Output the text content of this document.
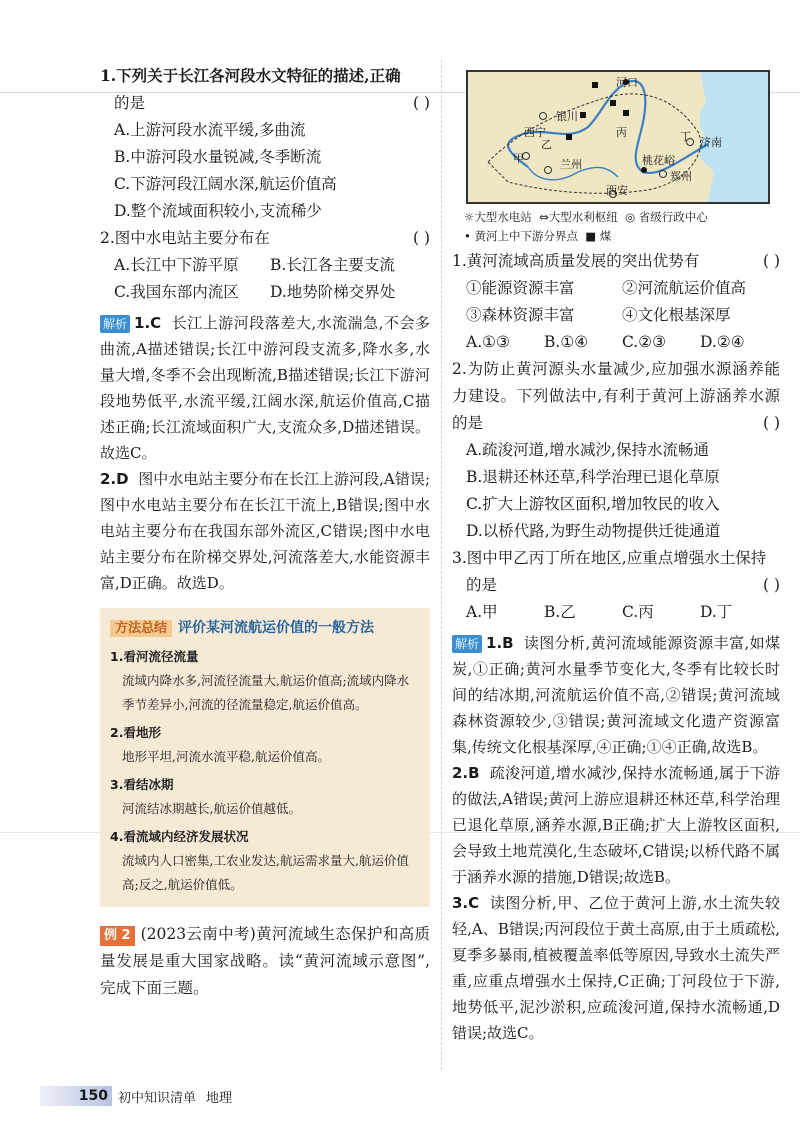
1.下列关于长江各河段水文特征的描述,正确

的是	( )

A.上游河段水流平缓,多曲流

B.中游河段水量锐减,冬季断流

C.下游河段江阔水深,航运价值高

D.整个流域面积较小,支流稀少

2.图中水电站主要分布在	( )

A.长江中下游平原	B.长江各主要支流
C.我国东部内流区	D.地势阶梯交界处

解析 1.C 长江上游河段落差大,水流湍急,不会多曲流,A描述错误;长江中游河段支流多,降水多,水量大增,冬季不会出现断流,B描述错误;长江下游河段地势低平,水流平缓,江阔水深,航运价值高,C描述正确;长江流域面积广大,支流众多,D描述错误。故选C。

2.D 图中水电站主要分布在长江上游河段,A错误;图中水电站主要分布在长江干流上,B错误;图中水电站主要分布在我国东部外流区,C错误;图中水电站主要分布在阶梯交界处,河流落差大,水能资源丰富,D正确。故选D。

方法总结 评价某河流航运价值的一般方法

1.看河流径流量

流域内降水多,河流径流量大,航运价值高;流域内降水季节差异小,河流的径流量稳定,航运价值高。

2.看地形

地形平坦,河流水流平稳,航运价值高。

3.看结冰期

河流结冰期越长,航运价值越低。

4.看流域内经济发展状况

流域内人口密集,工农业发达,航运需求量大,航运价值高;反之,航运价值低。

例 2 (2023云南中考)黄河流域生态保护和高质量发展是重大国家战略。读“黄河流域示意图”,完成下面三题。

河口
银川
西宁
甲
乙
兰州
丙	丁 济南
桃花峪
郑州
西安
☼大型水电站 ⇔大型水利枢纽 ◎ 省级行政中心
• 黄河上中下游分界点 ■ 煤

1.黄河流域高质量发展的突出优势有	( )

①能源资源丰富	②河流航运价值高
③森林资源丰富	④文化根基深厚
A.①③	B.①④	C.②③	D.②④

2.为防止黄河源头水量减少,应加强水源涵养能力建设。下列做法中,有利于黄河上游涵养水源的是	( )

A.疏浚河道,增水减沙,保持水流畅通

B.退耕还林还草,科学治理已退化草原

C.扩大上游牧区面积,增加牧民的收入

D.以桥代路,为野生动物提供迁徙通道

3.图中甲乙丙丁所在地区,应重点增强水土保持

的是	( )

A.甲	B.乙	C.丙	D.丁

解析 1.B 读图分析,黄河流域能源资源丰富,如煤炭,①正确;黄河水量季节变化大,冬季有比较长时间的结冰期,河流航运价值不高,②错误;黄河流域森林资源较少,③错误;黄河流域文化遗产资源富集,传统文化根基深厚,④正确;①④正确,故选B。

2.B 疏浚河道,增水减沙,保持水流畅通,属于下游的做法,A错误;黄河上游应退耕还林还草,科学治理已退化草原,涵养水源,B正确;扩大上游牧区面积,会导致土地荒漠化,生态破坏,C错误;以桥代路不属于涵养水源的措施,D错误;故选B。

3.C 读图分析,甲、乙位于黄河上游,水土流失较轻,A、B错误;丙河段位于黄土高原,由于土质疏松,夏季多暴雨,植被覆盖率低等原因,导致水土流失严重,应重点增强水土保持,C正确;丁河段位于下游,地势低平,泥沙淤积,应疏浚河道,保持水流畅通,D错误;故选C。

150 初中知识清单 地理
